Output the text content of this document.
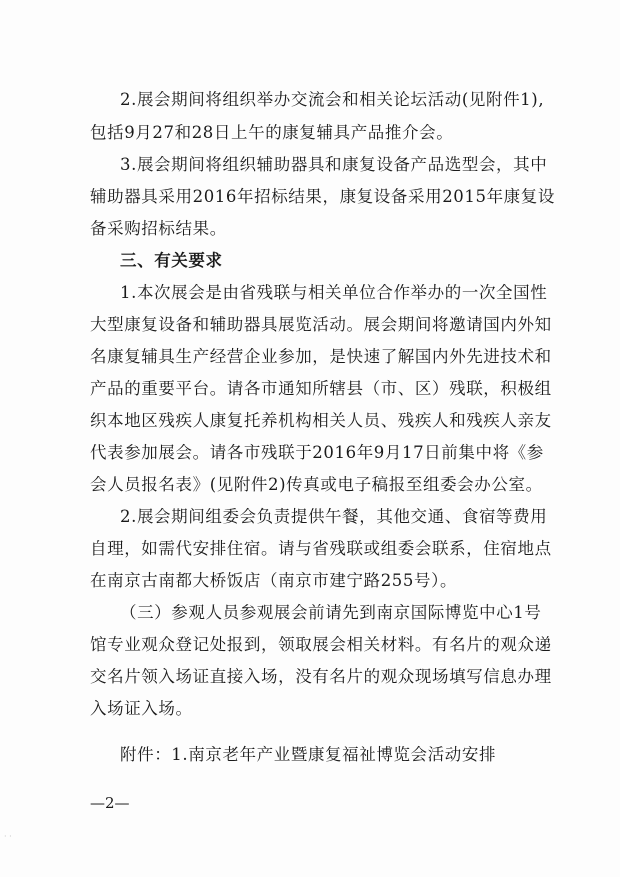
2.展会期间将组织举办交流会和相关论坛活动(见附件1),
包括9月27和28日上午的康复辅具产品推介会。
3.展会期间将组织辅助器具和康复设备产品选型会，其中
辅助器具采用2016年招标结果，康复设备采用2015年康复设
备采购招标结果。
三、有关要求
1.本次展会是由省残联与相关单位合作举办的一次全国性
大型康复设备和辅助器具展览活动。展会期间将邀请国内外知
名康复辅具生产经营企业参加，是快速了解国内外先进技术和
产品的重要平台。请各市通知所辖县（市、区）残联，积极组
织本地区残疾人康复托养机构相关人员、残疾人和残疾人亲友
代表参加展会。请各市残联于2016年9月17日前集中将《参
会人员报名表》(见附件2)传真或电子稿报至组委会办公室。
2.展会期间组委会负责提供午餐，其他交通、食宿等费用
自理，如需代安排住宿。请与省残联或组委会联系，住宿地点
在南京古南都大桥饭店（南京市建宁路255号）。
（三）参观人员参观展会前请先到南京国际博览中心1号
馆专业观众登记处报到，领取展会相关材料。有名片的观众递
交名片领入场证直接入场，没有名片的观众现场填写信息办理
入场证入场。
附件：1.南京老年产业暨康复福祉博览会活动安排
—2—
· ·
